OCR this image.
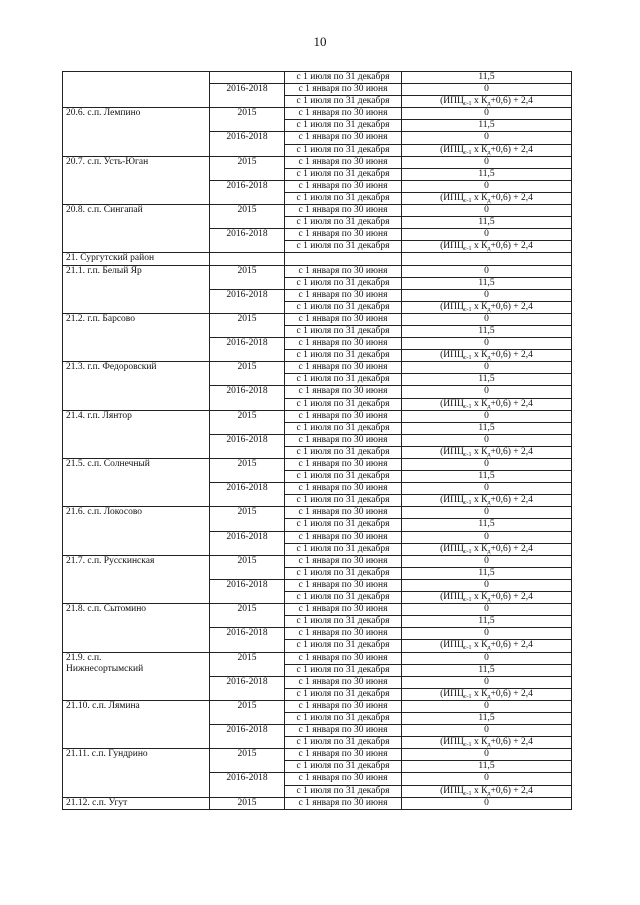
10
		с 1 июля по 31 декабря	11,5
	2016-2018	с 1 января по 30 июня	0
		с 1 июля по 31 декабря	($ИПЦ_{с-1}$ х $К_д+0,6) + 2,4$

20.6. с.п. Лемпино	2015	с 1 января по 30 июня	0
		с 1 июля по 31 декабря	11,5
	2016-2018	с 1 января по 30 июня	0
		с 1 июля по 31 декабря	($ИПЦ_{с-1}$ х $К_д+0,6) + 2,4$

20.7. с.п. Усть-Юган	2015	с 1 января по 30 июня	0
		с 1 июля по 31 декабря	11,5
	2016-2018	с 1 января по 30 июня	0
		с 1 июля по 31 декабря	($ИПЦ_{с-1}$ х $К_д+0,6) + 2,4$

20.8. с.п. Сингапай	2015	с 1 января по 30 июня	0
		с 1 июля по 31 декабря	11,5
	2016-2018	с 1 января по 30 июня	0
		с 1 июля по 31 декабря	($ИПЦ_{с-1}$ х $К_д+0,6) + 2,4$
21. Сургутский район			

21.1. г.п. Белый Яр	2015	с 1 января по 30 июня	0
		с 1 июля по 31 декабря	11,5
	2016-2018	с 1 января по 30 июня	0
		с 1 июля по 31 декабря	($ИПЦ_{с-1}$ х $К_д+0,6) + 2,4$

21.2. г.п. Барсово	2015	с 1 января по 30 июня	0
		с 1 июля по 31 декабря	11,5
	2016-2018	с 1 января по 30 июня	0
		с 1 июля по 31 декабря	($ИПЦ_{с-1}$ х $К_д+0,6) + 2,4$

21.3. г.п. Федоровский	2015	с 1 января по 30 июня	0
		с 1 июля по 31 декабря	11,5
	2016-2018	с 1 января по 30 июня	0
		с 1 июля по 31 декабря	($ИПЦ_{с-1}$ х $К_д+0,6) + 2,4$

21.4. г.п. Лянтор	2015	с 1 января по 30 июня	0
		с 1 июля по 31 декабря	11,5
	2016-2018	с 1 января по 30 июня	0
		с 1 июля по 31 декабря	($ИПЦ_{с-1}$ х $К_д+0,6) + 2,4$

21.5. с.п. Солнечный	2015	с 1 января по 30 июня	0
		с 1 июля по 31 декабря	11,5
	2016-2018	с 1 января по 30 июня	0
		с 1 июля по 31 декабря	($ИПЦ_{с-1}$ х $К_д+0,6) + 2,4$

21.6. с.п. Локосово	2015	с 1 января по 30 июня	0
		с 1 июля по 31 декабря	11,5
	2016-2018	с 1 января по 30 июня	0
		с 1 июля по 31 декабря	($ИПЦ_{с-1}$ х $К_д+0,6) + 2,4$

21.7. с.п. Русскинская	2015	с 1 января по 30 июня	0
		с 1 июля по 31 декабря	11,5
	2016-2018	с 1 января по 30 июня	0
		с 1 июля по 31 декабря	($ИПЦ_{с-1}$ х $К_д+0,6) + 2,4$

21.8. с.п. Сытомино	2015	с 1 января по 30 июня	0
		с 1 июля по 31 декабря	11,5
	2016-2018	с 1 января по 30 июня	0
		с 1 июля по 31 декабря	($ИПЦ_{с-1}$ х $К_д+0,6) + 2,4$

21.9. с.п.
Нижнесортымский	2015	с 1 января по 30 июня	0
		с 1 июля по 31 декабря	11,5
	2016-2018	с 1 января по 30 июня	0
		с 1 июля по 31 декабря	($ИПЦ_{с-1}$ х $К_д+0,6) + 2,4$

21.10. с.п. Лямина	2015	с 1 января по 30 июня	0
		с 1 июля по 31 декабря	11,5
	2016-2018	с 1 января по 30 июня	0
		с 1 июля по 31 декабря	($ИПЦ_{с-1}$ х $К_д+0,6) + 2,4$

21.11. с.п. Гундрино	2015	с 1 января по 30 июня	0
		с 1 июля по 31 декабря	11,5
	2016-2018	с 1 января по 30 июня	0
		с 1 июля по 31 декабря	($ИПЦ_{с-1}$ х $К_д+0,6) + 2,4$
21.12. с.п. Угут	2015	с 1 января по 30 июня	0
